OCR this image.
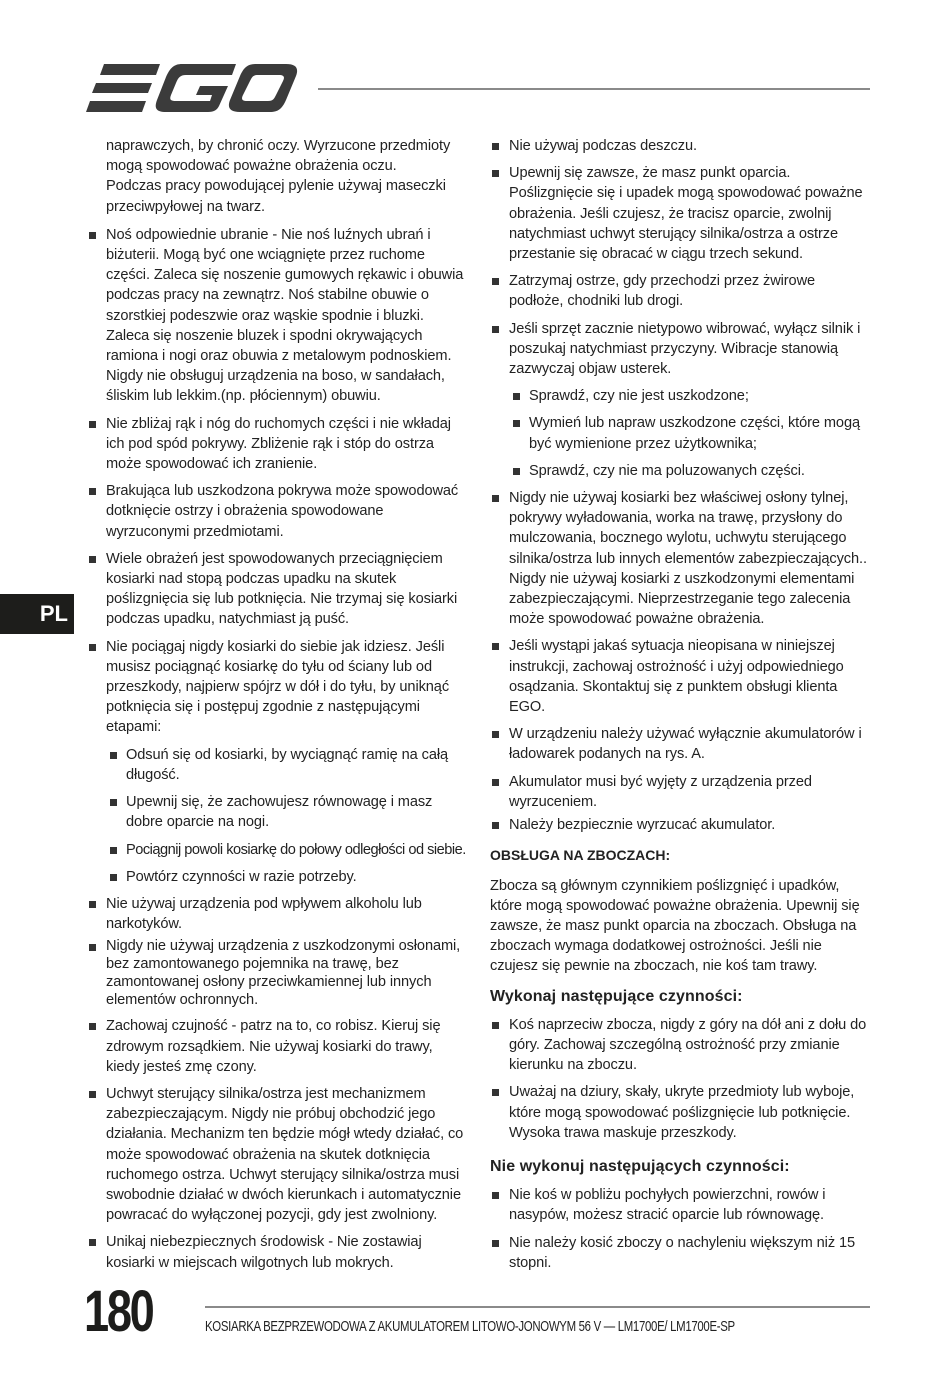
PL

naprawczych, by chronić oczy. Wyrzucone przedmioty

mogą spowodować poważne obrażenia oczu.

Podczas pracy powodującej pylenie używaj maseczki

przeciwpyłowej na twarz.

Noś odpowiednie ubranie - Nie noś luźnych ubrań i biżuterii. Mogą być one wciągnięte przez ruchome części. Zaleca się noszenie gumowych rękawic i obuwia podczas pracy na zewnątrz. Noś stabilne obuwie o szorstkiej podeszwie oraz wąskie spodnie i bluzki. Zaleca się noszenie bluzek i spodni okrywających ramiona i nogi oraz obuwia z metalowym podnoskiem. Nigdy nie obsługuj urządzenia na boso, w sandałach, śliskim lub lekkim.(np. płóciennym) obuwiu.
Nie zbliżaj rąk i nóg do ruchomych części i nie wkładaj ich pod spód pokrywy. Zbliżenie rąk i stóp do ostrza może spowodować ich zranienie.
Brakująca lub uszkodzona pokrywa może spowodować dotknięcie ostrzy i obrażenia spowodowane wyrzuconymi przedmiotami.
Wiele obrażeń jest spowodowanych przeciągnięciem kosiarki nad stopą podczas upadku na skutek poślizgnięcia się lub potknięcia. Nie trzymaj się kosiarki podczas upadku, natychmiast ją puść.
Nie pociągaj nigdy kosiarki do siebie jak idziesz. Jeśli musisz pociągnąć kosiarkę do tyłu od ściany lub od przeszkody, najpierw spójrz w dół i do tyłu, by uniknąć potknięcia się i postępuj zgodnie z następującymi etapami:
Odsuń się od kosiarki, by wyciągnąć ramię na całą długość.
Upewnij się, że zachowujesz równowagę i masz dobre oparcie na nogi.
Pociągnij powoli kosiarkę do połowy odległości od siebie.
Powtórz czynności w razie potrzeby.
Nie używaj urządzenia pod wpływem alkoholu lub narkotyków.
Nigdy nie używaj urządzenia z uszkodzonymi osłonami, bez zamontowanego pojemnika na trawę, bez zamontowanej osłony przeciwkamiennej lub innych elementów ochronnych.
Zachowaj czujność - patrz na to, co robisz. Kieruj się zdrowym rozsądkiem. Nie używaj kosiarki do trawy, kiedy jesteś zmę czony.
Uchwyt sterujący silnika/ostrza jest mechanizmem zabezpieczającym. Nigdy nie próbuj obchodzić jego działania. Mechanizm ten będzie mógł wtedy działać, co może spowodować obrażenia na skutek dotknięcia ruchomego ostrza. Uchwyt sterujący silnika/ostrza musi swobodnie działać w dwóch kierunkach i automatycznie powracać do wyłączonej pozycji, gdy jest zwolniony.
Unikaj niebezpiecznych środowisk - Nie zostawiaj kosiarki w miejscach wilgotnych lub mokrych.
Nie używaj podczas deszczu.
Upewnij się zawsze, że masz punkt oparcia. Poślizgnięcie się i upadek mogą spowodować poważne obrażenia. Jeśli czujesz, że tracisz oparcie, zwolnij natychmiast uchwyt sterujący silnika/ostrza a ostrze przestanie się obracać w ciągu trzech sekund.
Zatrzymaj ostrze, gdy przechodzi przez żwirowe podłoże, chodniki lub drogi.
Jeśli sprzęt zacznie nietypowo wibrować, wyłącz silnik i poszukaj natychmiast przyczyny. Wibracje stanowią zazwyczaj objaw usterek.
Sprawdź, czy nie jest uszkodzone;
Wymień lub napraw uszkodzone części, które mogą być wymienione przez użytkownika;
Sprawdź, czy nie ma poluzowanych części.
Nigdy nie używaj kosiarki bez właściwej osłony tylnej, pokrywy wyładowania, worka na trawę, przysłony do mulczowania, bocznego wylotu, uchwytu sterującego silnika/ostrza lub innych elementów zabezpieczających.. Nigdy nie używaj kosiarki z uszkodzonymi elementami zabezpieczającymi. Nieprzestrzeganie tego zalecenia może spowodować poważne obrażenia.
Jeśli wystąpi jakaś sytuacja nieopisana w niniejszej instrukcji, zachowaj ostrożność i użyj odpowiedniego osądzania. Skontaktuj się z punktem obsługi klienta EGO.
W urządzeniu należy używać wyłącznie akumulatorów i ładowarek podanych na rys. A.
Akumulator musi być wyjęty z urządzenia przed wyrzuceniem.
Należy bezpiecznie wyrzucać akumulator.
OBSŁUGA NA ZBOCZACH:

Zbocza są głównym czynnikiem poślizgnięć i upadków, które mogą spowodować poważne obrażenia. Upewnij się zawsze, że masz punkt oparcia na zboczach. Obsługa na zboczach wymaga dodatkowej ostrożności. Jeśli nie czujesz się pewnie na zboczach, nie koś tam trawy.

Wykonaj następujące czynności:
Koś naprzeciw zbocza, nigdy z góry na dół ani z dołu do góry. Zachowaj szczególną ostrożność przy zmianie kierunku na zboczu.
Uważaj na dziury, skały, ukryte przedmioty lub wyboje, które mogą spowodować poślizgnięcie lub potknięcie. Wysoka trawa maskuje przeszkody.
Nie wykonuj następujących czynności:
Nie koś w pobliżu pochyłych powierzchni, rowów i nasypów, możesz stracić oparcie lub równowagę.
Nie należy kosić zboczy o nachyleniu większym niż 15 stopni.
180	KOSIARKA BEZPRZEWODOWA Z AKUMULATOREM LITOWO-JONOWYM 56 V — LM1700E/ LM1700E-SP
